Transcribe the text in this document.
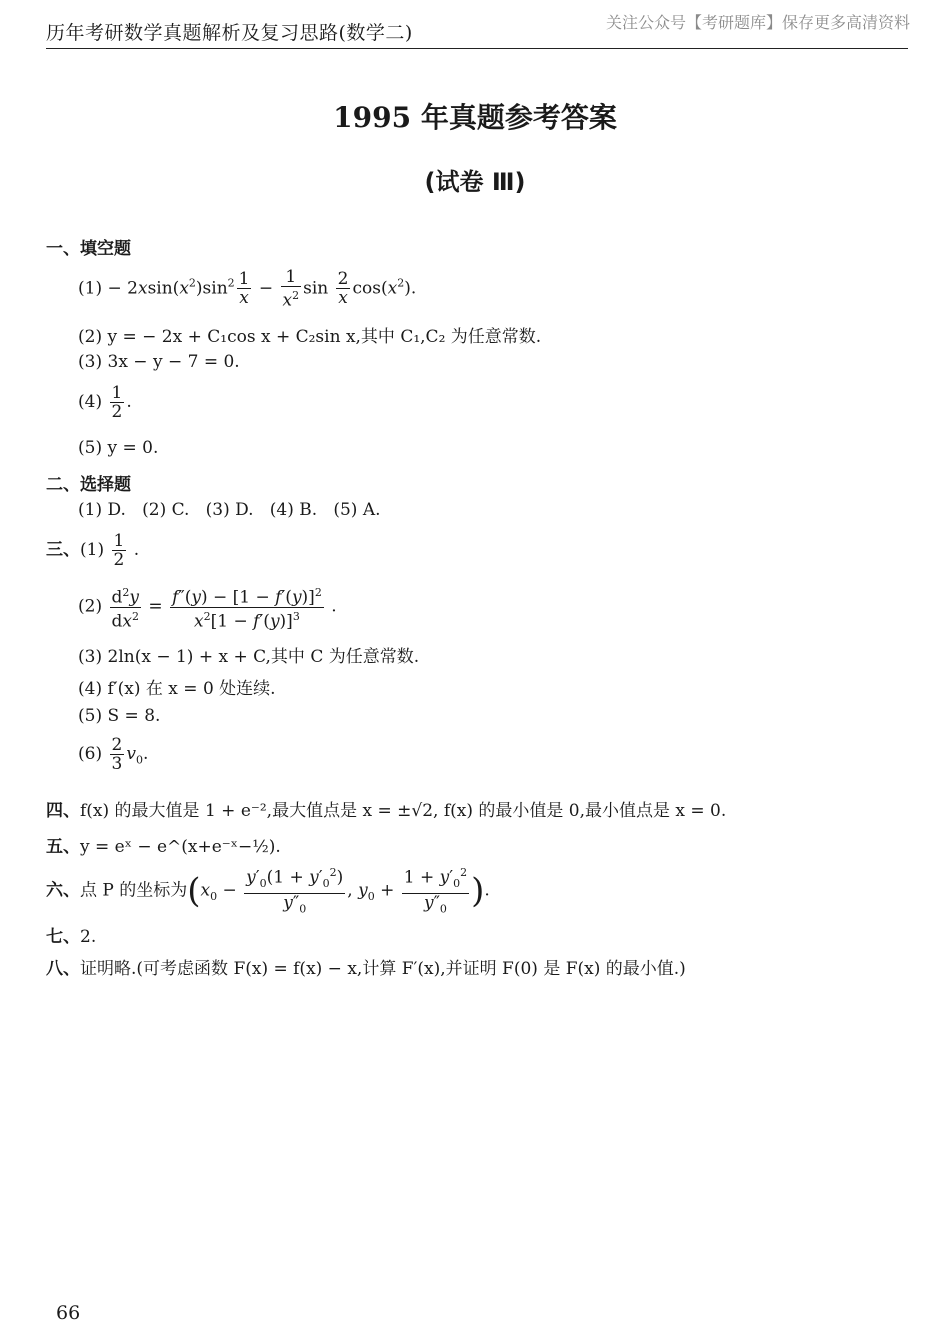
历年考研数学真题解析及复习思路(数学二)	关注公众号【考研题库】保存更多高清资料
1995 年真题参考答案
(试卷 Ⅲ)
一、填空题
$(1) - 2xsin(x^2)\sin^2 \frac{1}{x} - \frac{1}{x^2}$ $\sin \frac{2}{x} \cos(x^2)$.
(2) y = − 2x + C₁cos x + C₂sin x,其中 C₁,C₂ 为任意常数.
(3) 3x − y − 7 = 0.
$(4) \frac{1}{2}$ .
(5) y = 0.
二、选择题
(1) D.   (2) C.   (3) D.   (4) B.   (5) A.
三、$(1) \frac{1}{2}$ .
$(2) \frac{d^2y}{dx^2} = \frac{f''(y) - [1 - f'(y)]^2}{x^2[1 - f'(y)]^3}$ .
(3) 2ln(x − 1) + x + C,其中 C 为任意常数.
(4) f′(x) 在 x = 0 处连续.
(5) S = 8.
$(6) \frac{2}{3} v_0$.
四、f(x) 的最大值是 1 + e⁻²,最大值点是 x = ±√2, f(x) 的最小值是 0,最小值点是 x = 0.
五、y = eˣ − e^(x+e⁻ˣ−½).
六、点 P 的坐标为($x_0 - \frac{y'_0(1 + y'_0^2)}{y''_0}$ , $y_0 + \frac{1 + y'_0^2}{y''_0}$ ).
七、2.
八、证明略.(可考虑函数 F(x) = f(x) − x,计算 F′(x),并证明 F(0) 是 F(x) 的最小值.)
66
